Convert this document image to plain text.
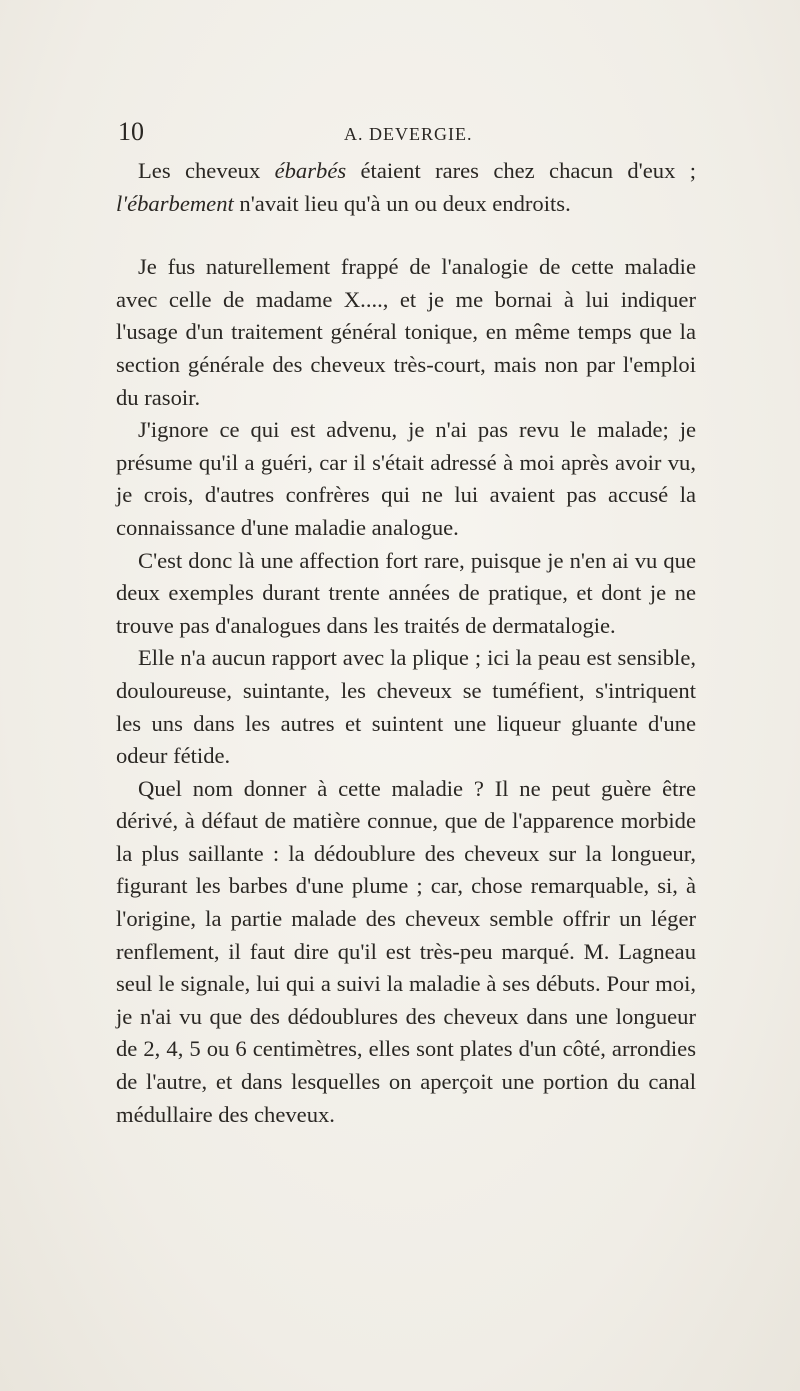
10	A. DEVERGIE.

Les cheveux ébarbés étaient rares chez chacun d'eux ; l'ébarbement n'avait lieu qu'à un ou deux endroits.

Je fus naturellement frappé de l'analogie de cette maladie avec celle de madame X...., et je me bornai à lui indiquer l'usage d'un traitement général tonique, en même temps que la section générale des cheveux très-court, mais non par l'emploi du rasoir.

J'ignore ce qui est advenu, je n'ai pas revu le malade; je présume qu'il a guéri, car il s'était adressé à moi après avoir vu, je crois, d'autres confrères qui ne lui avaient pas accusé la connaissance d'une maladie analogue.

C'est donc là une affection fort rare, puisque je n'en ai vu que deux exemples durant trente années de pratique, et dont je ne trouve pas d'analogues dans les traités de dermatalogie.

Elle n'a aucun rapport avec la plique ; ici la peau est sensible, douloureuse, suintante, les cheveux se tuméfient, s'intriquent les uns dans les autres et suintent une liqueur gluante d'une odeur fétide.

Quel nom donner à cette maladie ? Il ne peut guère être dérivé, à défaut de matière connue, que de l'apparence morbide la plus saillante : la dédoublure des cheveux sur la longueur, figurant les barbes d'une plume ; car, chose remarquable, si, à l'origine, la partie malade des cheveux semble offrir un léger renflement, il faut dire qu'il est très-peu marqué. M. Lagneau seul le signale, lui qui a suivi la maladie à ses débuts. Pour moi, je n'ai vu que des dédoublures des cheveux dans une longueur de 2, 4, 5 ou 6 centimètres, elles sont plates d'un côté, arrondies de l'autre, et dans lesquelles on aperçoit une portion du canal médullaire des cheveux.
